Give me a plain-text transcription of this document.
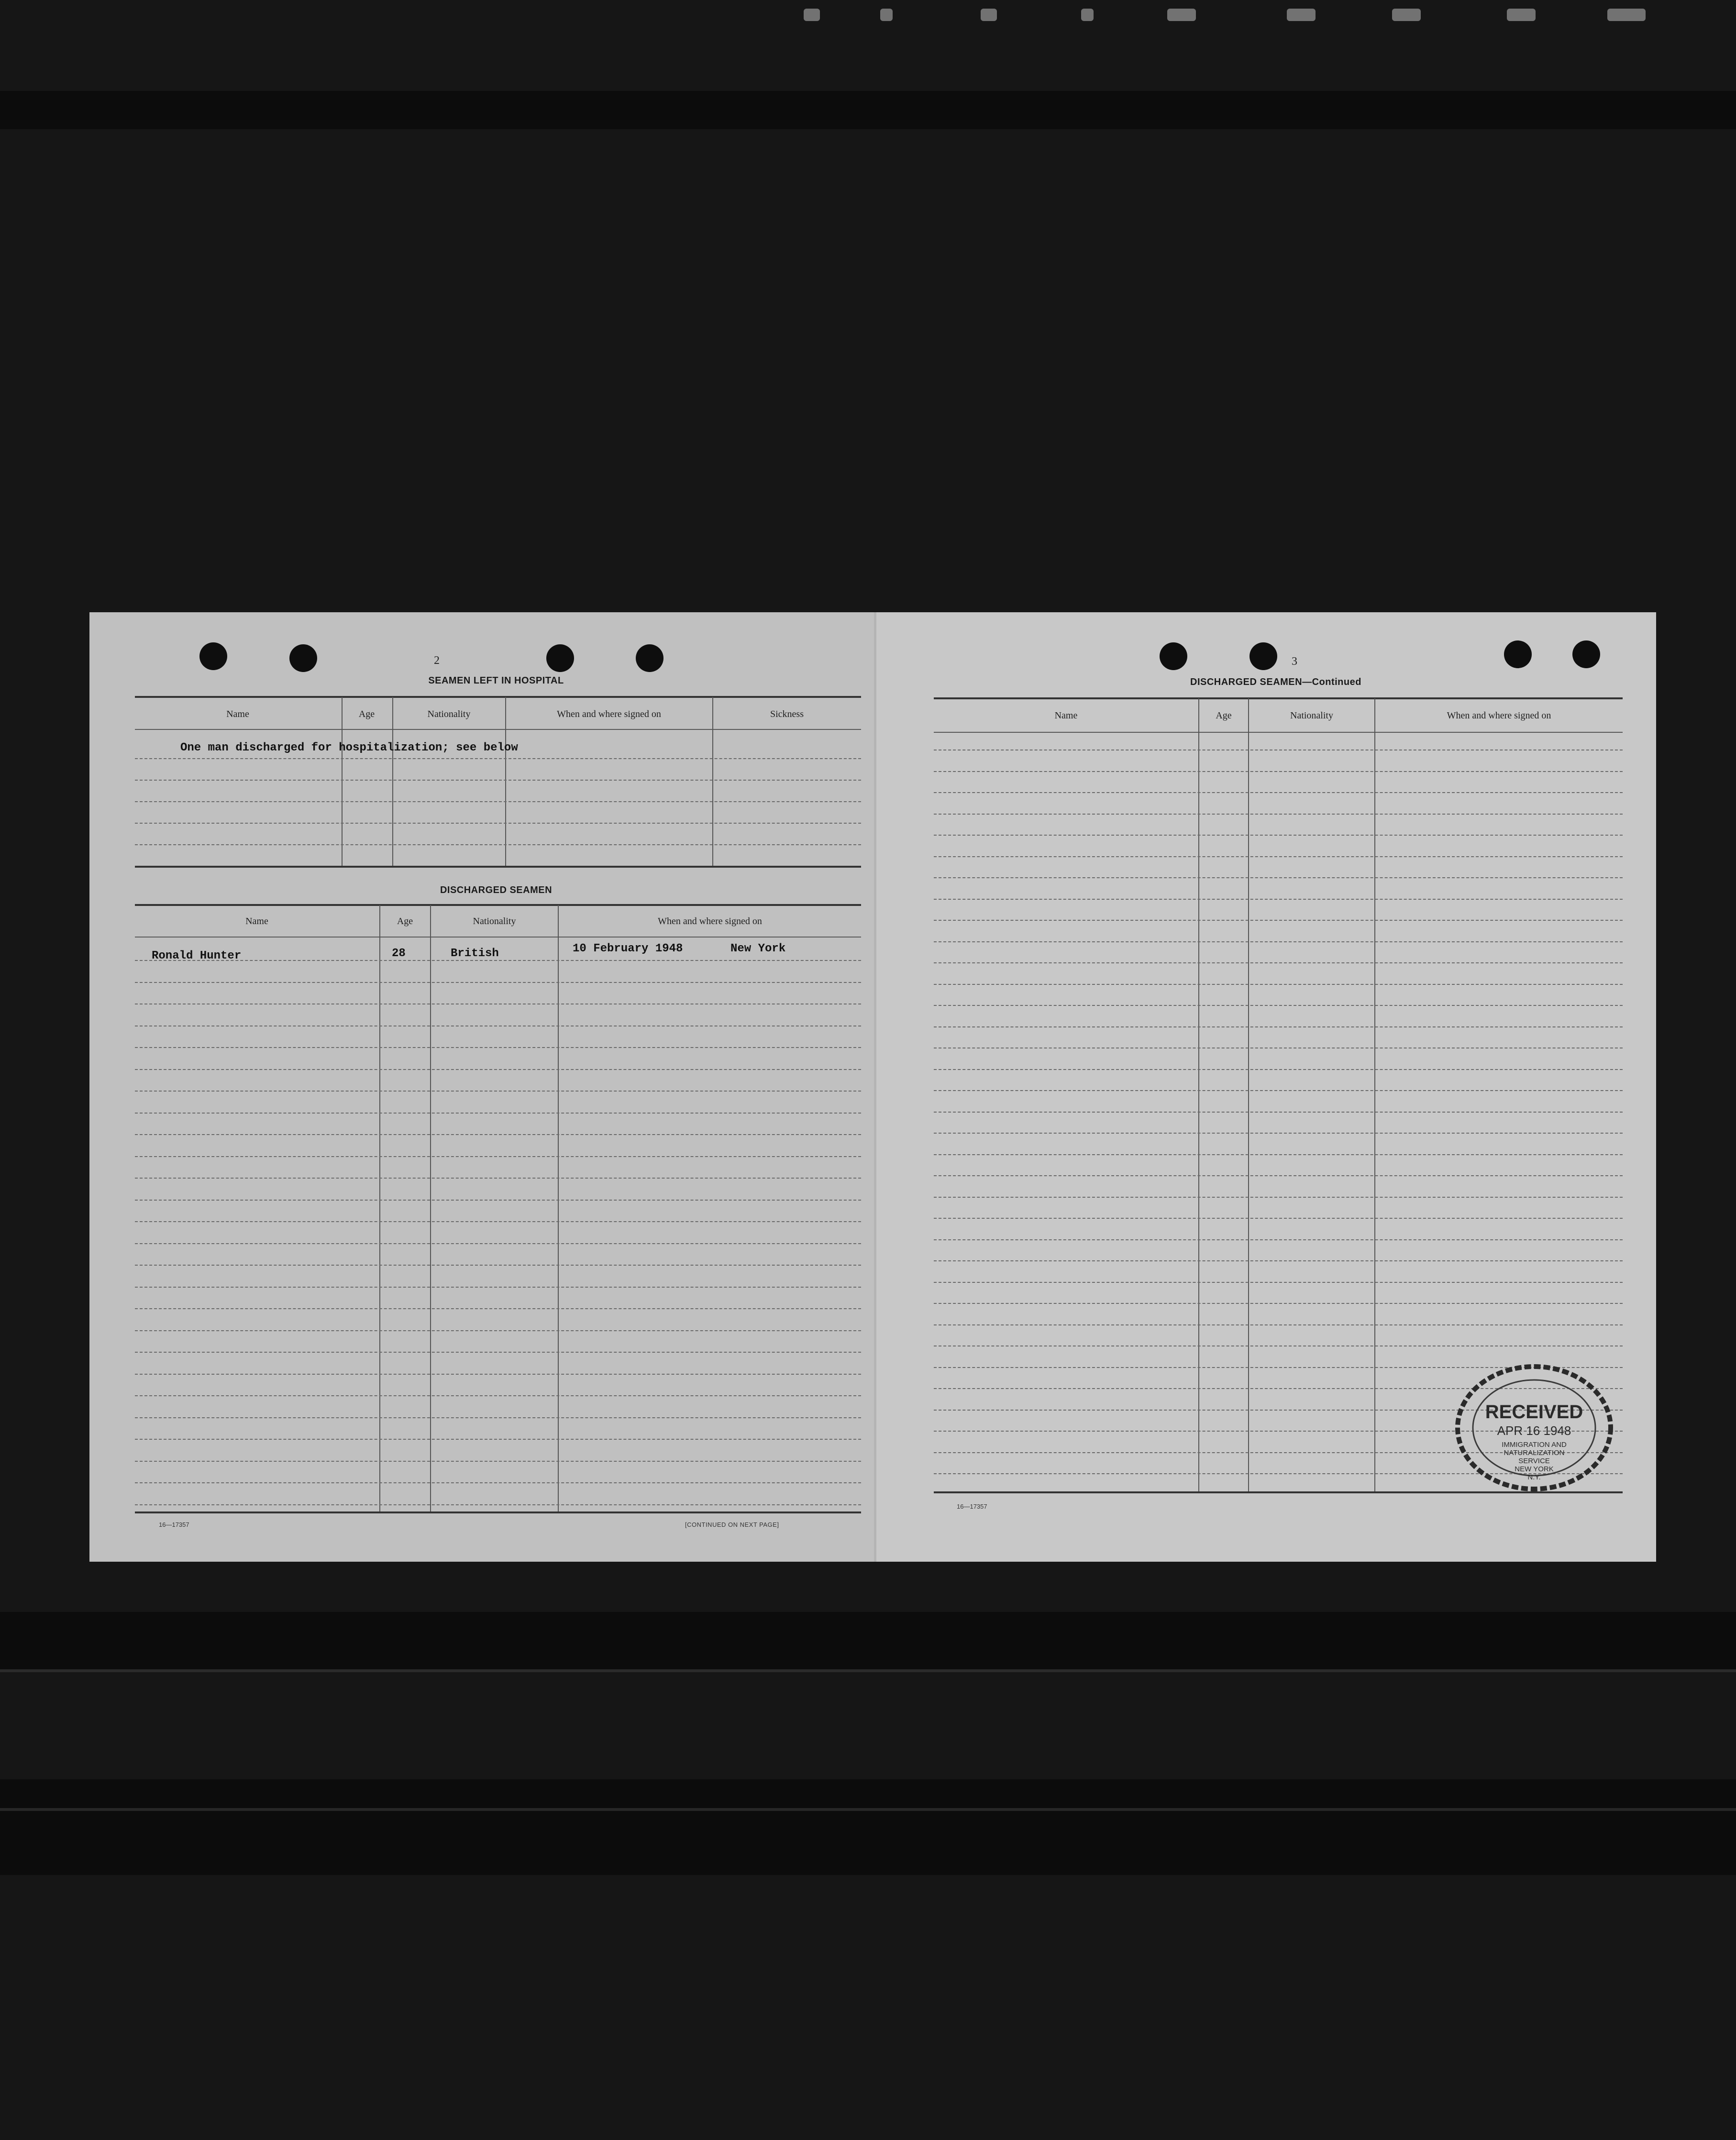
2
SEAMEN LEFT IN HOSPITAL
Name	Age	Nationality	When and where signed on	Sickness
One man discharged for hospitalization; see below
DISCHARGED SEAMEN
Name	Age	Nationality	When and where signed on
Ronald Hunter	28	British	10 February 1948	New York
16—17357	[CONTINUED ON NEXT PAGE]
3
DISCHARGED SEAMEN—Continued
Name	Age	Nationality	When and where signed on
16—17357
RECEIVED
APR 16 1948
IMMIGRATION AND
NATURALIZATION
SERVICE
NEW YORK
N.Y.
